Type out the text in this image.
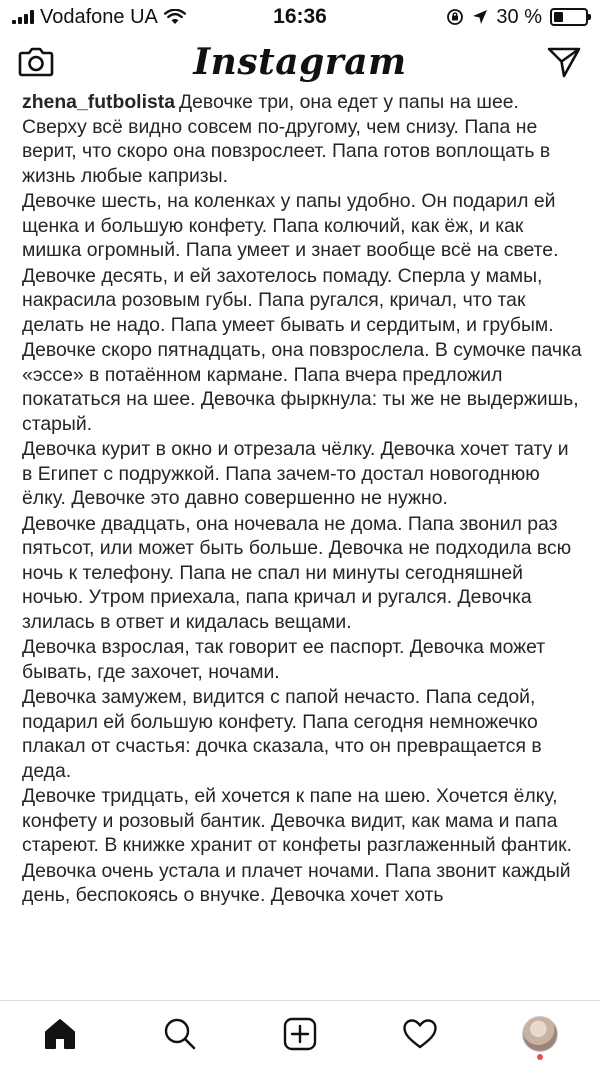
Vodafone UA	16:36	30 %
Instagram

zhena_futbolista Девочке три, она едет у папы на шее. Сверху всё видно совсем по-другому, чем снизу. Папа не верит, что скоро она повзрослеет. Папа готов воплощать в жизнь любые капризы.

Девочке шесть, на коленках у папы удобно. Он подарил ей щенка и большую конфету. Папа колючий, как ёж, и как мишка огромный. Папа умеет и знает вообще всё на свете.

Девочке десять, и ей захотелось помаду. Сперла у мамы, накрасила розовым губы. Папа ругался, кричал, что так делать не надо. Папа умеет бывать и сердитым, и грубым.

Девочке скоро пятнадцать, она повзрослела. В сумочке пачка «эссе» в потаённом кармане. Папа вчера предложил покататься на шее. Девочка фыркнула: ты же не выдержишь, старый.

Девочка курит в окно и отрезала чёлку. Девочка хочет тату и в Египет с подружкой. Папа зачем-то достал новогоднюю ёлку. Девочке это давно совершенно не нужно.

Девочке двадцать, она ночевала не дома. Папа звонил раз пятьсот, или может быть больше. Девочка не подходила всю ночь к телефону. Папа не спал ни минуты сегодняшней ночью. Утром приехала, папа кричал и ругался. Девочка злилась в ответ и кидалась вещами.

Девочка взрослая, так говорит ее паспорт. Девочка может бывать, где захочет, ночами.

Девочка замужем, видится с папой нечасто. Папа седой, подарил ей большую конфету. Папа сегодня немножечко плакал от счастья: дочка сказала, что он превращается в деда.

Девочке тридцать, ей хочется к папе на шею. Хочется ёлку, конфету и розовый бантик. Девочка видит, как мама и папа стареют. В книжке хранит от конфеты разглаженный фантик.

Девочка очень устала и плачет ночами. Папа звонит каждый день, беспокоясь о внучке. Девочка хочет хоть
